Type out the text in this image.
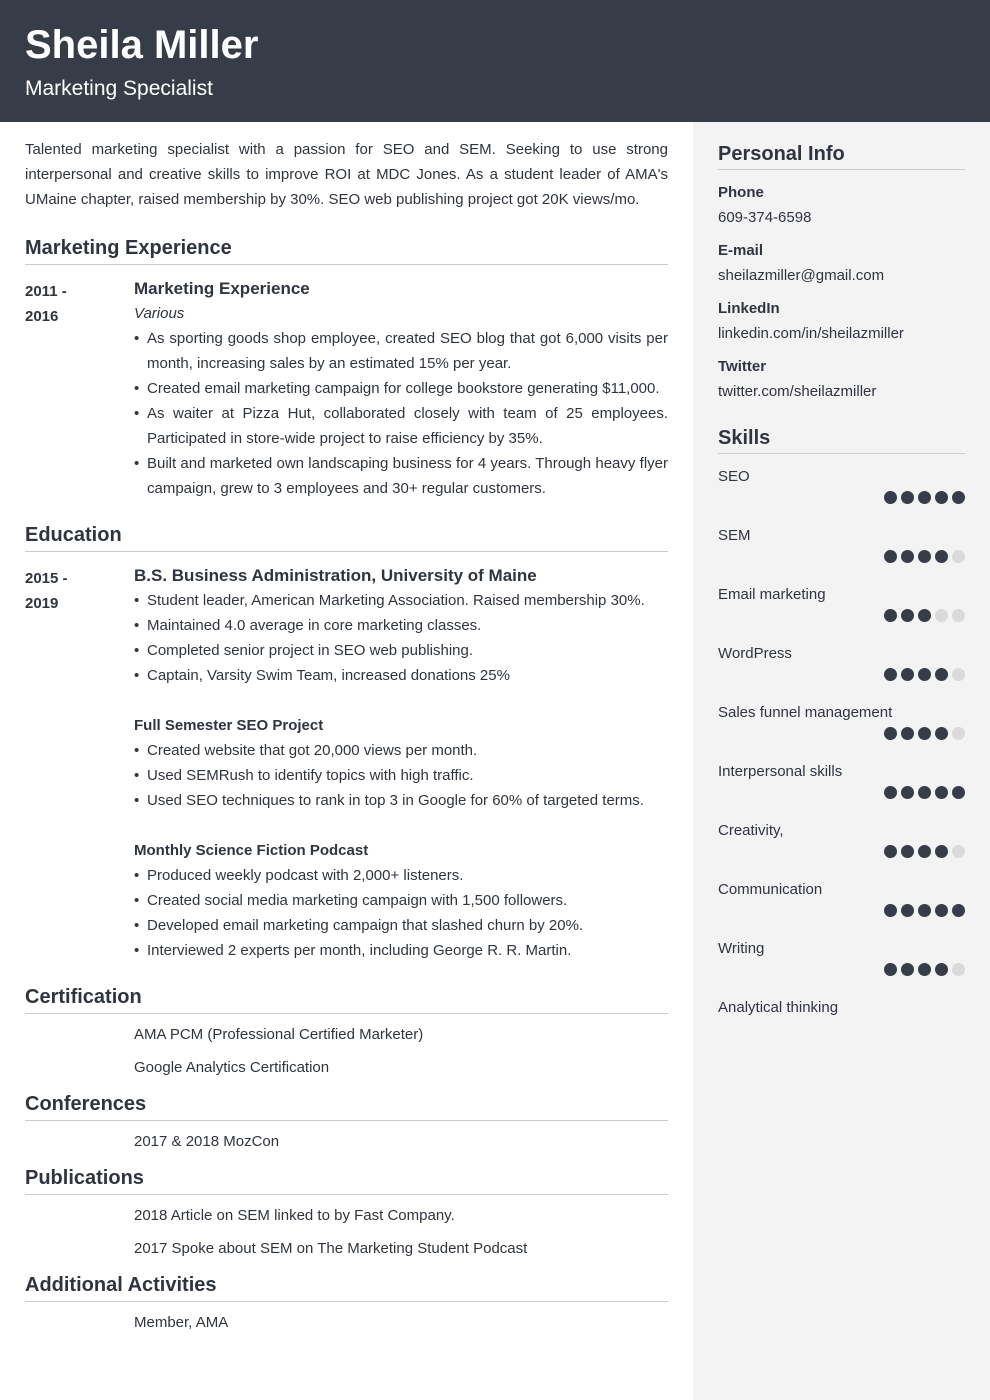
Sheila Miller
Marketing Specialist

Talented marketing specialist with a passion for SEO and SEM. Seeking to use strong interpersonal and creative skills to improve ROI at MDC Jones. As a student leader of AMA's UMaine chapter, raised membership by 30%. SEO web publishing project got 20K views/mo.

Marketing Experience
2011 -
2016
Marketing Experience
Various
• As sporting goods shop employee, created SEO blog that got 6,000 visits per month, increasing sales by an estimated 15% per year.
• Created email marketing campaign for college bookstore generating $11,000.
• As waiter at Pizza Hut, collaborated closely with team of 25 employees. Participated in store-wide project to raise efficiency by 35%.
• Built and marketed own landscaping business for 4 years. Through heavy flyer campaign, grew to 3 employees and 30+ regular customers.
Education
2015 -
2019
B.S. Business Administration, University of Maine
• Student leader, American Marketing Association. Raised membership 30%.
• Maintained 4.0 average in core marketing classes.
• Completed senior project in SEO web publishing.
• Captain, Varsity Swim Team, increased donations 25%
Full Semester SEO Project
• Created website that got 20,000 views per month.
• Used SEMRush to identify topics with high traffic.
• Used SEO techniques to rank in top 3 in Google for 60% of targeted terms.
Monthly Science Fiction Podcast
• Produced weekly podcast with 2,000+ listeners.
• Created social media marketing campaign with 1,500 followers.
• Developed email marketing campaign that slashed churn by 20%.
• Interviewed 2 experts per month, including George R. R. Martin.
Certification
AMA PCM (Professional Certified Marketer)
Google Analytics Certification
Conferences
2017 & 2018 MozCon
Publications
2018 Article on SEM linked to by Fast Company.
2017 Spoke about SEM on The Marketing Student Podcast
Additional Activities
Member, AMA
Personal Info
Phone
609-374-6598
E-mail
sheilazmiller@gmail.com
LinkedIn
linkedin.com/in/sheilazmiller
Twitter
twitter.com/sheilazmiller
Skills
SEO
SEM
Email marketing
WordPress
Sales funnel management
Interpersonal skills
Creativity,
Communication
Writing
Analytical thinking
